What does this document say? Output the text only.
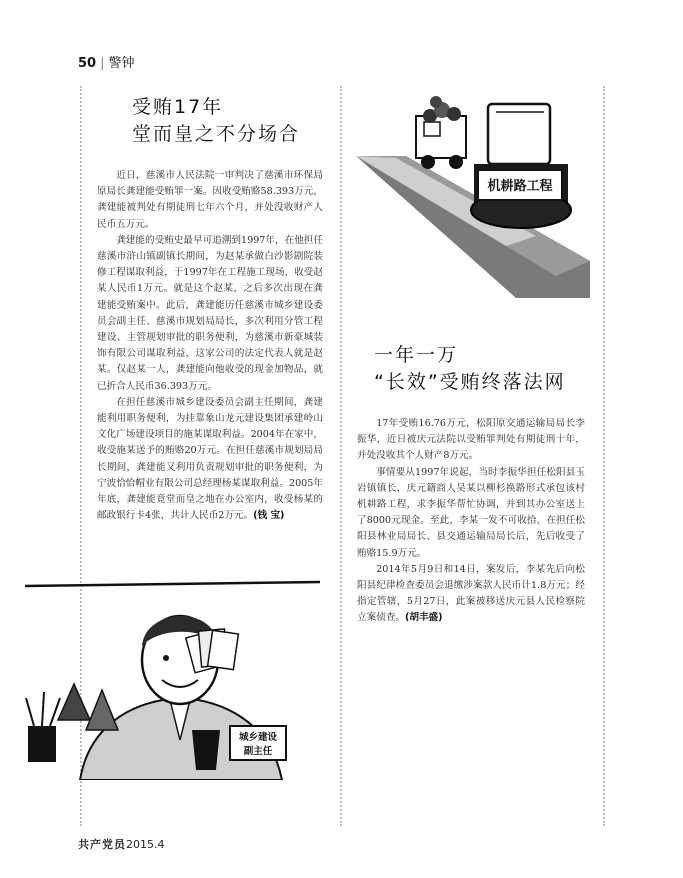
50 | 警钟
受贿17年
堂而皇之不分场合

近日，慈溪市人民法院一审判决了慈溪市环保局原局长龚建能受贿罪一案。因收受贿赂58.393万元，龚建能被判处有期徒刑七年六个月，并处没收财产人民币五万元。

龚建能的受贿史最早可追溯到1997年，在他担任慈溪市浒山镇副镇长期间，为赵某承做白沙影剧院装修工程谋取利益，于1997年在工程施工现场，收受赵某人民币1万元。就是这个赵某，之后多次出现在龚建能受贿案中。此后，龚建能历任慈溪市城乡建设委员会副主任、慈溪市规划局局长，多次利用分管工程建设、主管规划审批的职务便利，为慈溪市新豪城装饰有限公司谋取利益，这家公司的法定代表人就是赵某。仅赵某一人，龚建能向他收受的现金加物品，就已折合人民币36.393万元。

在担任慈溪市城乡建设委员会副主任期间，龚建能利用职务便利，为挂靠象山龙元建设集团承建岭山文化广场建设项目的施某谋取利益。2004年在家中，收受施某送予的贿赂20万元。在担任慈溪市规划局局长期间，龚建能又利用负责规划审批的职务便利，为宁波恰恰帽业有限公司总经理杨某谋取利益。2005年年底，龚建能竟堂而皇之地在办公室内，收受杨某的邮政银行卡4张，共计人民币2万元。(钱 宝)

机耕路工程
一年一万
“长效”受贿终落法网

17年受贿16.76万元，松阳原交通运输局局长李振华，近日被庆元法院以受贿罪判处有期徒刑十年，并处没收其个人财产8万元。

事情要从1997年说起，当时李振华担任松阳县玉岩镇镇长，庆元籍商人吴某以柳杉换路形式承包该村机耕路工程，求李振华帮忙协调，并到其办公室送上了8000元现金。至此，李某一发不可收拾，在担任松阳县林业局局长、县交通运输局局长后，先后收受了贿赂15.9万元。

2014年5月9日和14日，案发后，李某先后向松阳县纪律检查委员会退缴涉案款人民币计1.8万元；经指定管辖，5月27日，此案被移送庆元县人民检察院立案侦查。(胡丰盛)

城乡建设
副主任
共产党员2015.4
